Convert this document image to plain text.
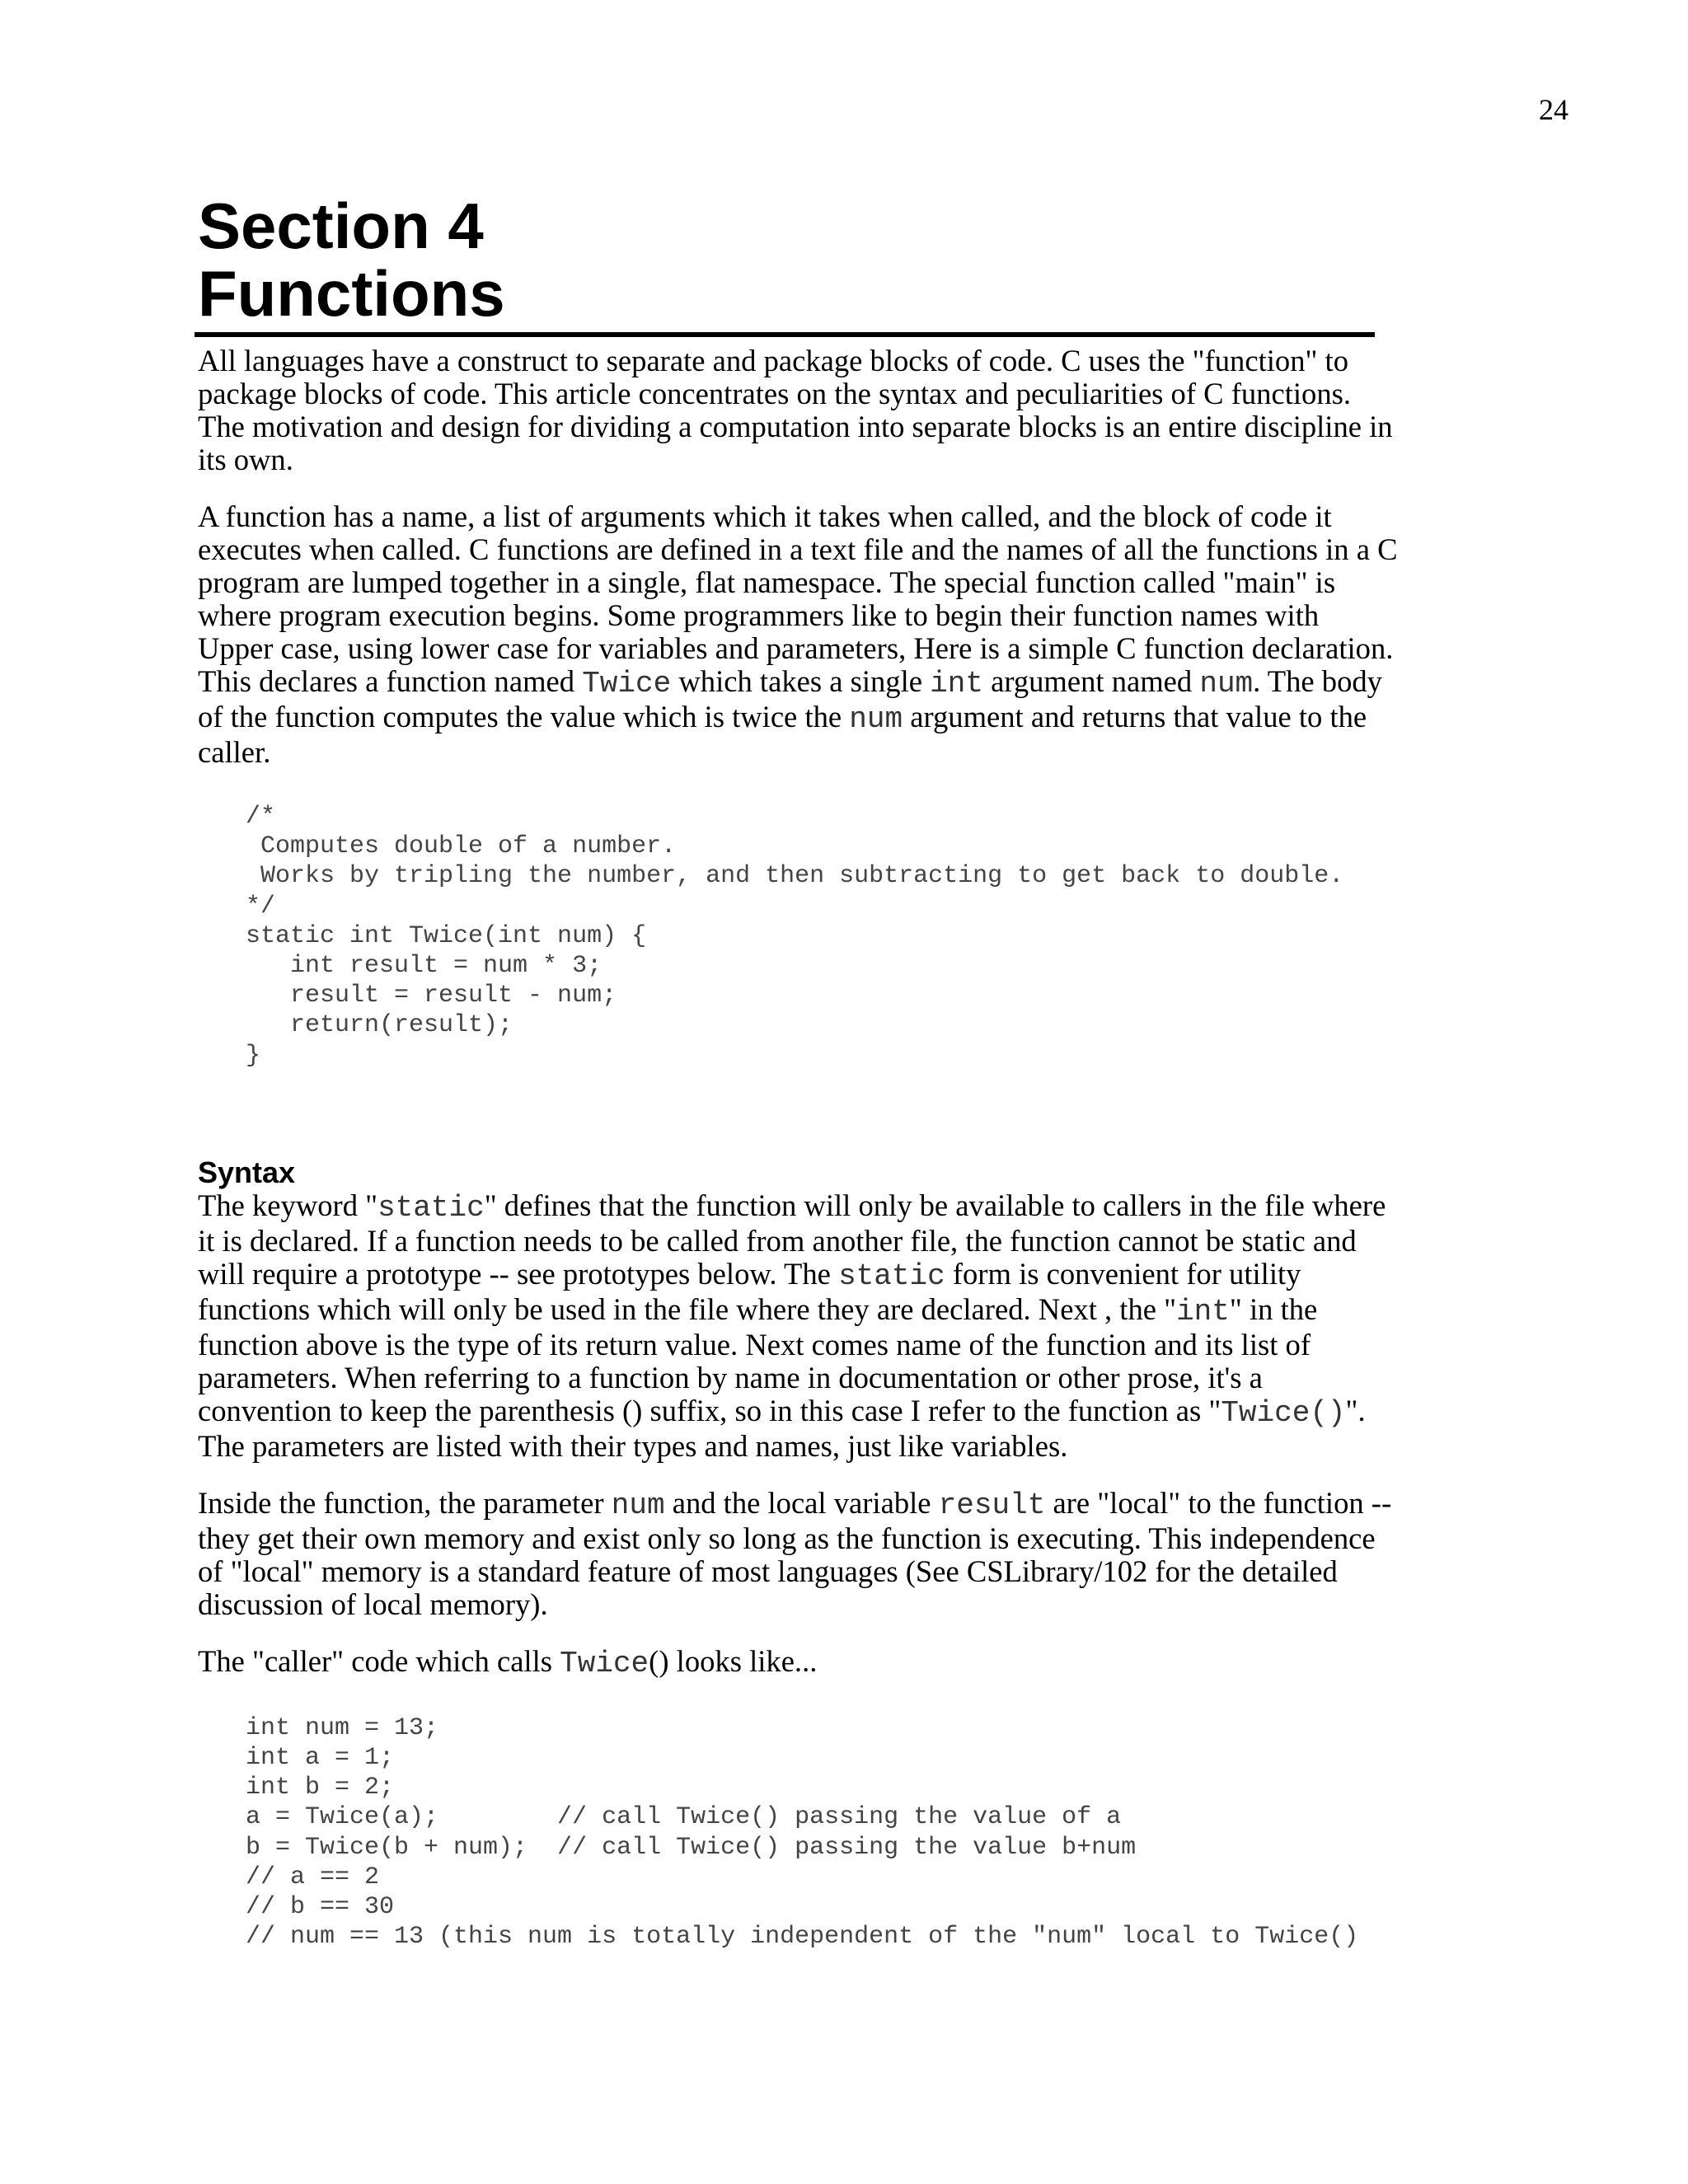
24
Section 4
Functions

All languages have a construct to separate and package blocks of code. C uses the "function" to package blocks of code. This article concentrates on the syntax and peculiarities of C functions. The motivation and design for dividing a computation into separate blocks is an entire discipline in its own.

A function has a name, a list of arguments which it takes when called, and the block of code it executes when called. C functions are defined in a text file and the names of all the functions in a C program are lumped together in a single, flat namespace. The special function called "main" is where program execution begins. Some programmers like to begin their function names with Upper case, using lower case for variables and parameters, Here is a simple C function declaration. This declares a function named Twice which takes a single int argument named num. The body of the function computes the value which is twice the num argument and returns that value to the caller.

/*
Computes double of a number.
Works by tripling the number, and then subtracting to get back to double.
*/
static int Twice(int num) {
int result = num * 3;
result = result - num;
return(result);
}
Syntax

The keyword "static" defines that the function will only be available to callers in the file where it is declared. If a function needs to be called from another file, the function cannot be static and will require a prototype -- see prototypes below. The static form is convenient for utility functions which will only be used in the file where they are declared. Next , the "int" in the function above is the type of its return value. Next comes name of the function and its list of parameters. When referring to a function by name in documentation or other prose, it's a convention to keep the parenthesis () suffix, so in this case I refer to the function as "Twice()". The parameters are listed with their types and names, just like variables.

Inside the function, the parameter num and the local variable result are "local" to the function -- they get their own memory and exist only so long as the function is executing. This independence of "local" memory is a standard feature of most languages (See CSLibrary/102 for the detailed discussion of local memory).

The "caller" code which calls Twice() looks like...

int num = 13;
int a = 1;
int b = 2;
a = Twice(a);        // call Twice() passing the value of a
b = Twice(b + num);  // call Twice() passing the value b+num
// a == 2
// b == 30
// num == 13 (this num is totally independent of the "num" local to Twice()
